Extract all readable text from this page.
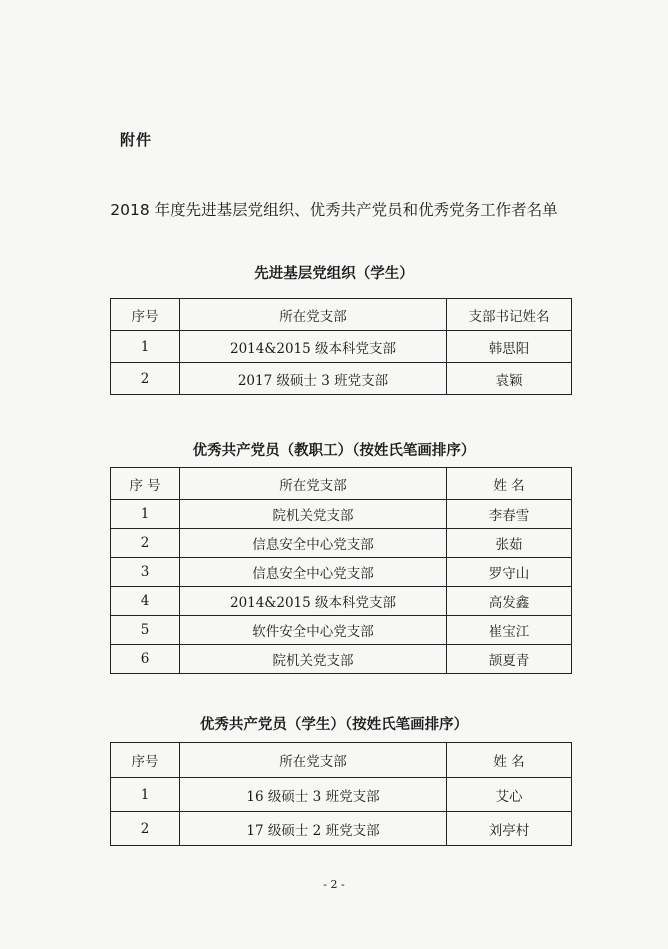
附件
2018 年度先进基层党组织、优秀共产党员和优秀党务工作者名单
先进基层党组织（学生）
序号	所在党支部	支部书记姓名
1	2014&2015 级本科党支部	韩思阳
2	2017 级硕士 3 班党支部	袁颖
优秀共产党员（教职工）（按姓氏笔画排序）
序 号	所在党支部	姓 名
1	院机关党支部	李春雪
2	信息安全中心党支部	张茹
3	信息安全中心党支部	罗守山
4	2014&2015 级本科党支部	高发鑫
5	软件安全中心党支部	崔宝江
6	院机关党支部	颉夏青
优秀共产党员（学生）（按姓氏笔画排序）
序号	所在党支部	姓 名
1	16 级硕士 3 班党支部	艾心
2	17 级硕士 2 班党支部	刘亭村
- 2 -
